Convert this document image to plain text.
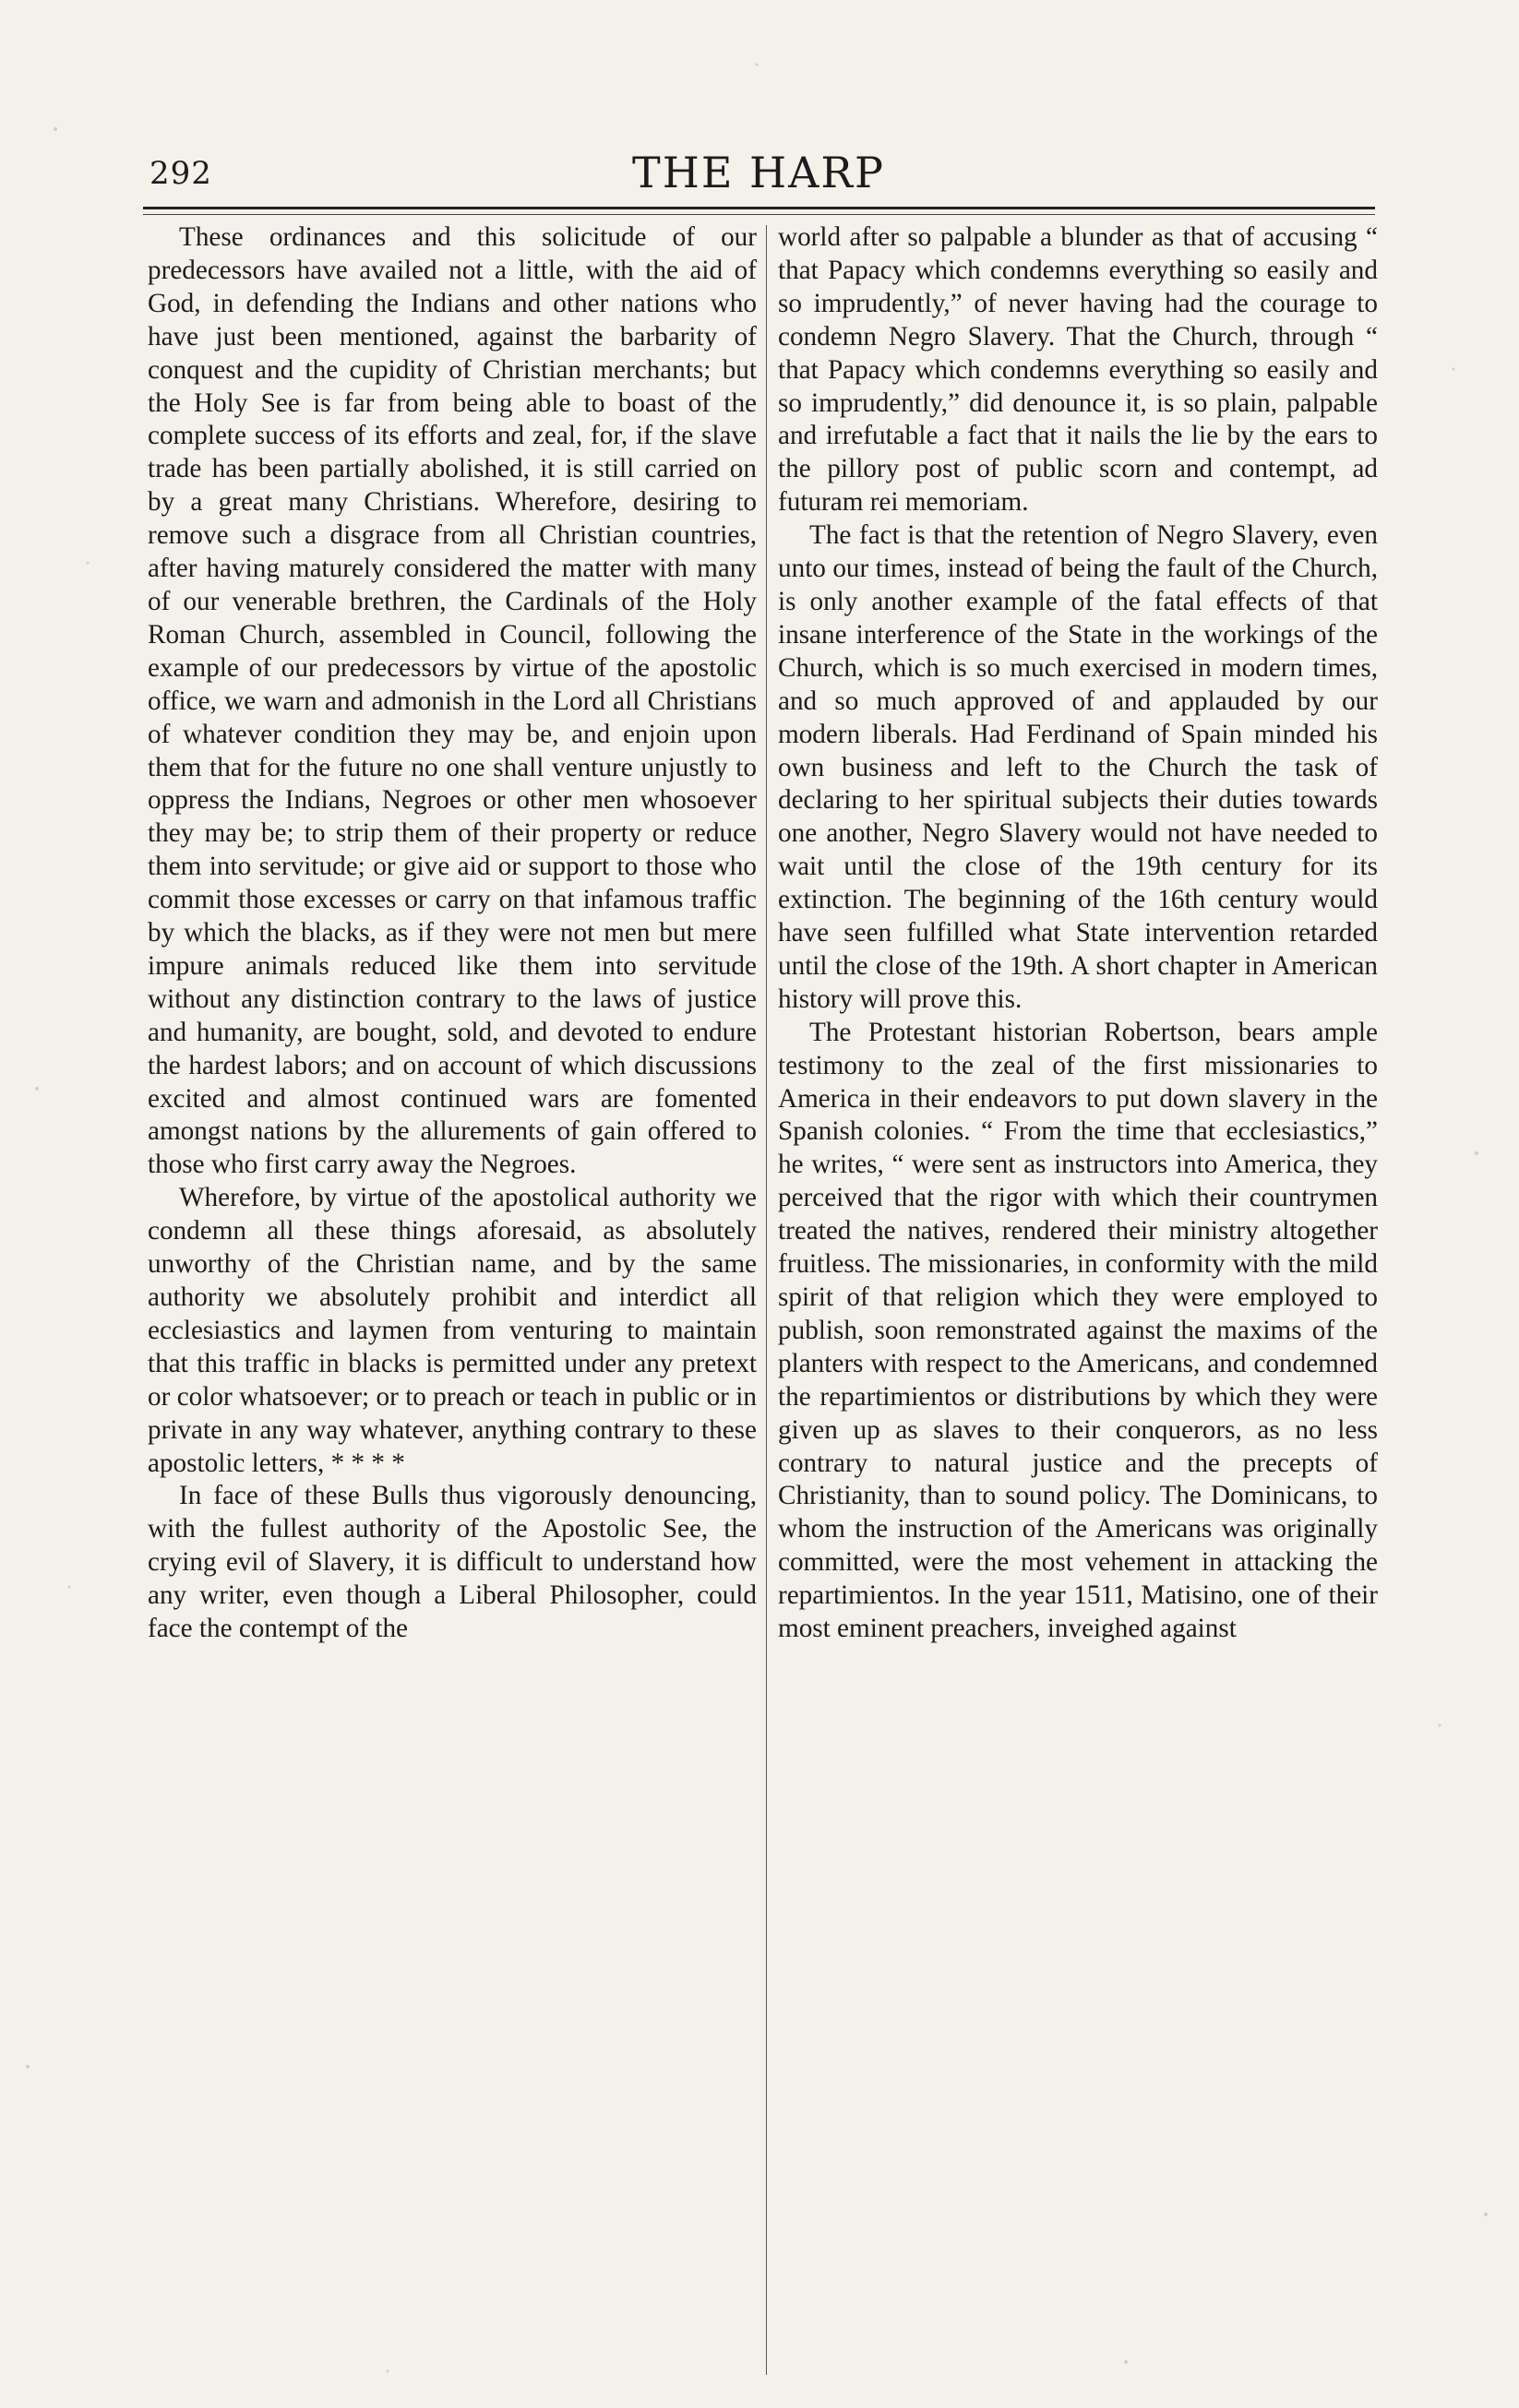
292	THE HARP

These ordinances and this solicitude of our predecessors have availed not a little, with the aid of God, in defending the Indians and other nations who have just been mentioned, against the barbarity of conquest and the cupidity of Christian merchants; but the Holy See is far from being able to boast of the complete success of its efforts and zeal, for, if the slave trade has been partially abolished, it is still carried on by a great many Christians. Wherefore, desiring to remove such a disgrace from all Christian countries, after having maturely considered the matter with many of our venerable brethren, the Cardinals of the Holy Roman Church, assembled in Council, following the example of our predecessors by virtue of the apostolic office, we warn and admonish in the Lord all Christians of whatever condition they may be, and enjoin upon them that for the future no one shall venture unjustly to oppress the Indians, Negroes or other men whosoever they may be; to strip them of their property or reduce them into servitude; or give aid or support to those who commit those excesses or carry on that infamous traffic by which the blacks, as if they were not men but mere impure animals reduced like them into servitude without any distinction contrary to the laws of justice and humanity, are bought, sold, and devoted to endure the hardest labors; and on account of which discussions excited and almost continued wars are fomented amongst nations by the allurements of gain offered to those who first carry away the Negroes.

Wherefore, by virtue of the apostolical authority we condemn all these things aforesaid, as absolutely unworthy of the Christian name, and by the same authority we absolutely prohibit and interdict all ecclesiastics and laymen from venturing to maintain that this traffic in blacks is permitted under any pretext or color whatsoever; or to preach or teach in public or in private in any way whatever, anything contrary to these apostolic letters, * * * *

In face of these Bulls thus vigorously denouncing, with the fullest authority of the Apostolic See, the crying evil of Slavery, it is difficult to understand how any writer, even though a Liberal Philosopher, could face the contempt of the

world after so palpable a blunder as that of accusing “ that Papacy which condemns everything so easily and so imprudently,” of never having had the courage to condemn Negro Slavery. That the Church, through “ that Papacy which condemns everything so easily and so imprudently,” did denounce it, is so plain, palpable and irrefutable a fact that it nails the lie by the ears to the pillory post of public scorn and contempt, ad futuram rei memoriam.

The fact is that the retention of Negro Slavery, even unto our times, instead of being the fault of the Church, is only another example of the fatal effects of that insane interference of the State in the workings of the Church, which is so much exercised in modern times, and so much approved of and applauded by our modern liberals. Had Ferdinand of Spain minded his own business and left to the Church the task of declaring to her spiritual subjects their duties towards one another, Negro Slavery would not have needed to wait until the close of the 19th century for its extinction. The beginning of the 16th century would have seen fulfilled what State intervention retarded until the close of the 19th. A short chapter in American history will prove this.

The Protestant historian Robertson, bears ample testimony to the zeal of the first missionaries to America in their endeavors to put down slavery in the Spanish colonies. “ From the time that ecclesiastics,” he writes, “ were sent as instructors into America, they perceived that the rigor with which their countrymen treated the natives, rendered their ministry altogether fruitless. The missionaries, in conformity with the mild spirit of that religion which they were employed to publish, soon remonstrated against the maxims of the planters with respect to the Americans, and condemned the repartimientos or distributions by which they were given up as slaves to their conquerors, as no less contrary to natural justice and the precepts of Christianity, than to sound policy. The Dominicans, to whom the instruction of the Americans was originally committed, were the most vehement in attacking the repartimientos. In the year 1511, Matisino, one of their most eminent preachers, inveighed against
